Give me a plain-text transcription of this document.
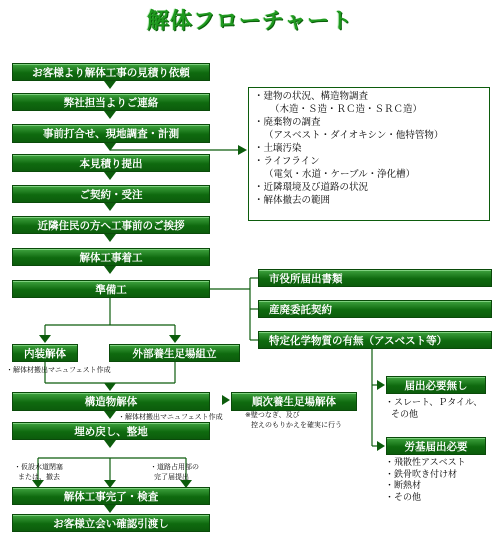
解体フローチャート
お客様より解体工事の見積り依頼
弊社担当よりご連絡
事前打合せ、現地調査・計測
本見積り提出
ご契約・受注
近隣住民の方へ工事前のご挨拶
解体工事着工
準備工
内装解体	外部養生足場組立
・解体材搬出マニュフェスト作成
構造物解体	順次養生足場解体
・解体材搬出マニュフェスト作成	※壁つなぎ、及び
控えのもりかえを確実に行う
埋め戻し、整地
・仮設水道閉塞
または、撤去
・道路占用部の
完了届提出
解体工事完了・検査
お客様立会い確認引渡し
・建物の状況、構造物調査
（木造・Ｓ造・ＲＣ造・ＳＲＣ造）
・廃棄物の調査
（アスベスト・ダイオキシン・他特管物）
・土壌汚染
・ライフライン
（電気・水道・ケーブル・浄化槽）
・近隣環境及び道路の状況
・解体撤去の範囲
市役所届出書類
産廃委託契約
特定化学物質の有無（アスベスト等）
届出必要無し
・スレート、Ｐタイル、
その他
労基届出必要
・飛散性アスベスト
・鉄骨吹き付け材
・断熱材
・その他
